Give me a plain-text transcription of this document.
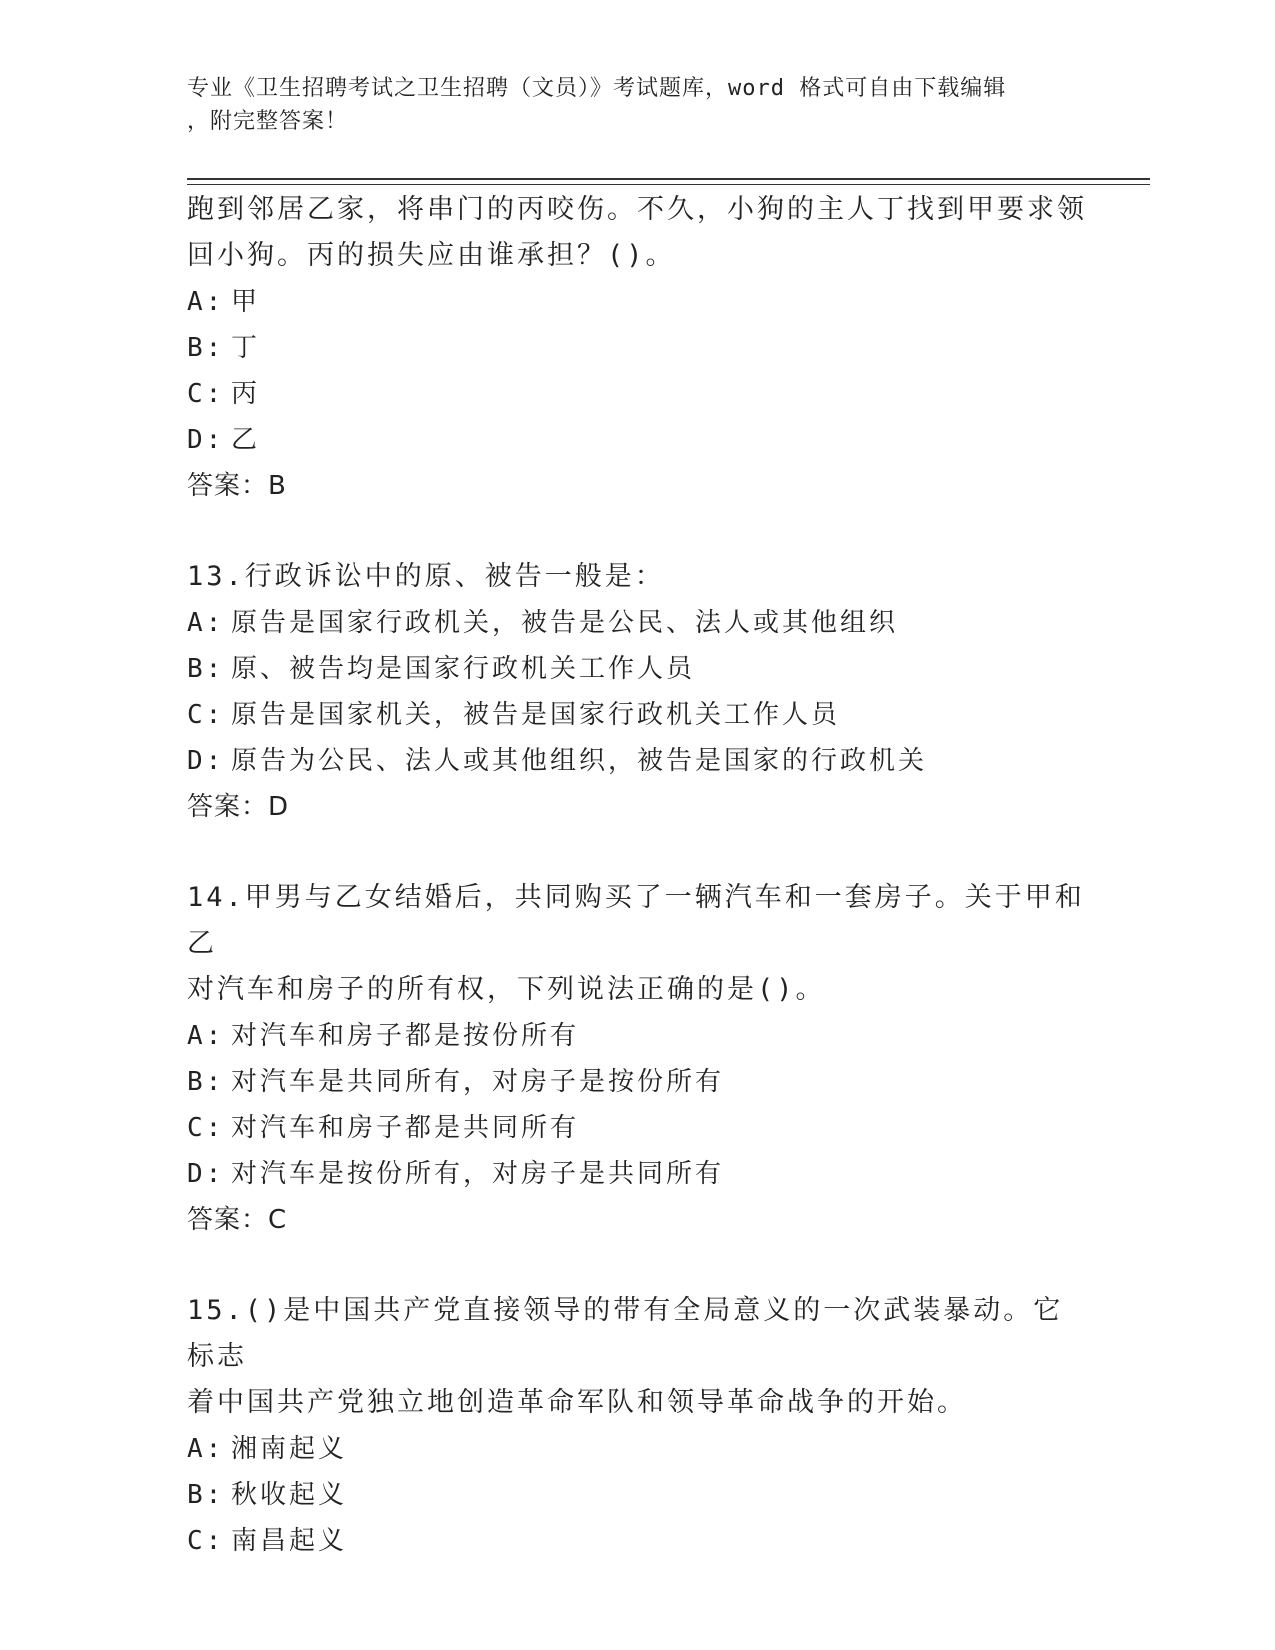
专业《卫生招聘考试之卫生招聘（文员）》考试题库，word 格式可自由下载编辑
，附完整答案！
跑到邻居乙家，将串门的丙咬伤。不久，小狗的主人丁找到甲要求领
回小狗。丙的损失应由谁承担？()。
A: 甲
B: 丁
C: 丙
D: 乙
答案：B
13.行政诉讼中的原、被告一般是：
A: 原告是国家行政机关，被告是公民、法人或其他组织
B: 原、被告均是国家行政机关工作人员
C: 原告是国家机关，被告是国家行政机关工作人员
D: 原告为公民、法人或其他组织，被告是国家的行政机关
答案：D
14.甲男与乙女结婚后，共同购买了一辆汽车和一套房子。关于甲和乙
对汽车和房子的所有权，下列说法正确的是()。
A: 对汽车和房子都是按份所有
B: 对汽车是共同所有，对房子是按份所有
C: 对汽车和房子都是共同所有
D: 对汽车是按份所有，对房子是共同所有
答案：C
15.()是中国共产党直接领导的带有全局意义的一次武装暴动。它标志
着中国共产党独立地创造革命军队和领导革命战争的开始。
A: 湘南起义
B: 秋收起义
C: 南昌起义
